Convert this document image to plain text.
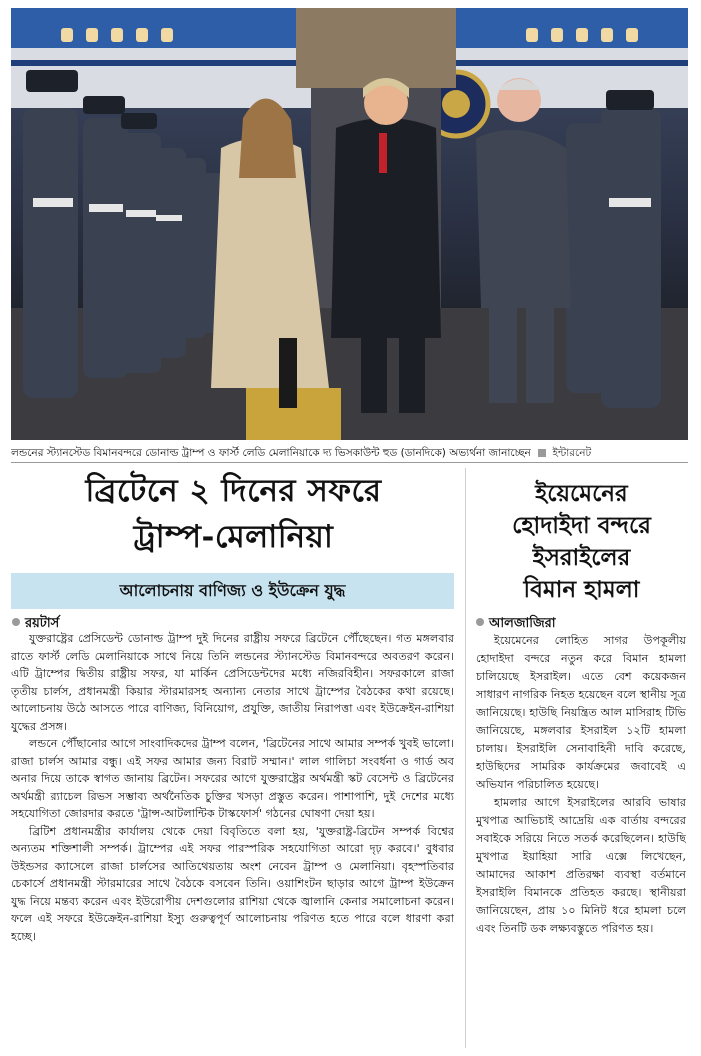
লন্ডনের স্ট্যানস্টেড বিমানবন্দরে ডোনাল্ড ট্রাম্প ও ফার্স্ট লেডি মেলানিয়াকে দ্য ভিসকাউন্ট হুড (ডানদিকে) অভ্যর্থনা জানাচ্ছেন ইন্টারনেট
ব্রিটেনে ২ দিনের সফরে
ট্রাম্প-মেলানিয়া
আলোচনায় বাণিজ্য ও ইউক্রেন যুদ্ধ
রয়টার্স

যুক্তরাষ্ট্রের প্রেসিডেন্ট ডোনাল্ড ট্রাম্প দুই দিনের রাষ্ট্রীয় সফরে ব্রিটেনে পৌঁছেছেন। গত মঙ্গলবার রাতে ফার্স্ট লেডি মেলানিয়াকে সাথে নিয়ে তিনি লন্ডনের স্ট্যানস্টেড বিমানবন্দরে অবতরণ করেন। এটি ট্রাম্পের দ্বিতীয় রাষ্ট্রীয় সফর, যা মার্কিন প্রেসিডেন্টদের মধ্যে নজিরবিহীন। সফরকালে রাজা তৃতীয় চার্লস, প্রধানমন্ত্রী কিয়ার স্টারমারসহ অন্যান্য নেতার সাথে ট্রাম্পের বৈঠকের কথা রয়েছে। আলোচনায় উঠে আসতে পারে বাণিজ্য, বিনিয়োগ, প্রযুক্তি, জাতীয় নিরাপত্তা এবং ইউক্রেইন-রাশিয়া যুদ্ধের প্রসঙ্গ।

লন্ডনে পৌঁছানোর আগে সাংবাদিকদের ট্রাম্প বলেন, 'ব্রিটেনের সাথে আমার সম্পর্ক খুবই ভালো। রাজা চার্লস আমার বন্ধু। এই সফর আমার জন্য বিরাট সম্মান।' লাল গালিচা সংবর্ধনা ও গার্ড অব অনার দিয়ে তাকে স্বাগত জানায় ব্রিটেন। সফরের আগে যুক্তরাষ্ট্রের অর্থমন্ত্রী স্কট বেসেন্ট ও ব্রিটেনের অর্থমন্ত্রী র‍্যাচেল রিভস সম্ভাব্য অর্থনৈতিক চুক্তির খসড়া প্রস্তুত করেন। পাশাপাশি, দুই দেশের মধ্যে সহযোগিতা জোরদার করতে 'ট্রান্স-আটলান্টিক টাস্কফোর্স' গঠনের ঘোষণা দেয়া হয়।

ব্রিটিশ প্রধানমন্ত্রীর কার্যালয় থেকে দেয়া বিবৃতিতে বলা হয়, 'যুক্তরাষ্ট্র-ব্রিটেন সম্পর্ক বিশ্বের অন্যতম শক্তিশালী সম্পর্ক। ট্রাম্পের এই সফর পারস্পরিক সহযোগিতা আরো দৃঢ় করবে।' বুধবার উইন্ডসর ক্যাসেলে রাজা চার্লসের আতিথেয়তায় অংশ নেবেন ট্রাম্প ও মেলানিয়া। বৃহস্পতিবার চেকার্সে প্রধানমন্ত্রী স্টারমারের সাথে বৈঠকে বসবেন তিনি। ওয়াশিংটন ছাড়ার আগে ট্রাম্প ইউক্রেন যুদ্ধ নিয়ে মন্তব্য করেন এবং ইউরোপীয় দেশগুলোর রাশিয়া থেকে জ্বালানি কেনার সমালোচনা করেন। ফলে এই সফরে ইউক্রেইন-রাশিয়া ইস্যু গুরুত্বপূর্ণ আলোচনায় পরিণত হতে পারে বলে ধারণা করা হচ্ছে।

ইয়েমেনের
হোদাইদা বন্দরে
ইসরাইলের
বিমান হামলা
আলজাজিরা

ইয়েমেনের লোহিত সাগর উপকূলীয় হোদাইদা বন্দরে নতুন করে বিমান হামলা চালিয়েছে ইসরাইল। এতে বেশ কয়েকজন সাধারণ নাগরিক নিহত হয়েছেন বলে স্থানীয় সূত্র জানিয়েছে। হাউছি নিয়ন্ত্রিত আল মাসিরাহ টিভি জানিয়েছে, মঙ্গলবার ইসরাইল ১২টি হামলা চালায়। ইসরাইলি সেনাবাহিনী দাবি করেছে, হাউছিদের সামরিক কার্যক্রমের জবাবেই এ অভিযান পরিচালিত হয়েছে।

হামলার আগে ইসরাইলের আরবি ভাষার মুখপাত্র আভিচাই আদ্রেয়ি এক বার্তায় বন্দরের সবাইকে সরিয়ে নিতে সতর্ক করেছিলেন। হাউছি মুখপাত্র ইয়াহিয়া সারি এক্সে লিখেছেন, আমাদের আকাশ প্রতিরক্ষা ব্যবস্থা বর্তমানে ইসরাইলি বিমানকে প্রতিহত করছে। স্থানীয়রা জানিয়েছেন, প্রায় ১০ মিনিট ধরে হামলা চলে এবং তিনটি ডক লক্ষ্যবস্তুতে পরিণত হয়।
